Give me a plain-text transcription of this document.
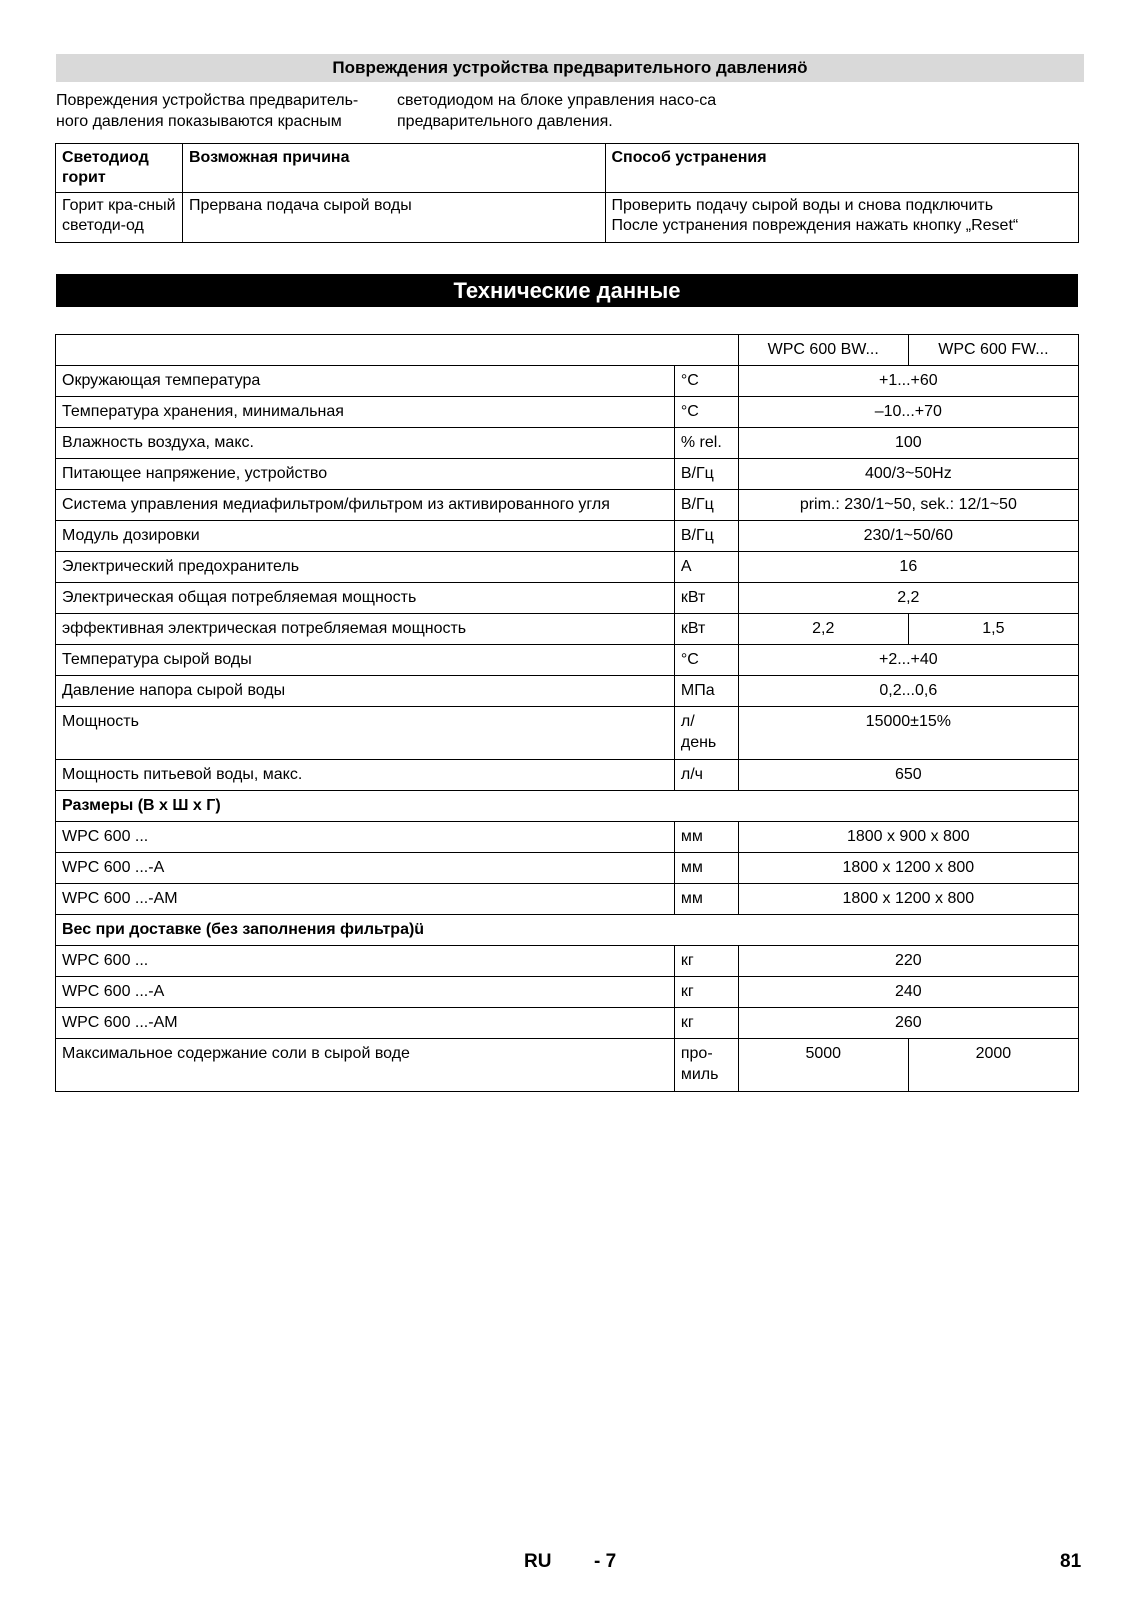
Повреждения устройства предварительного давленияö
Повреждения устройства предваритель-ного давления показываются красным
светодиодом на блоке управления насо-са предварительного давления.
Светодиод горит	Возможная причина	Способ устранения
Горит кра-сный светоди-од	Прервана подача сырой воды	Проверить подачу сырой воды и снова подключить
После устранения повреждения нажать кнопку „Reset“
Технические данные
		WPC 600 BW...	WPC 600 FW...
Окружающая температура	°C	+1...+60	
Температура хранения, минимальная	°C	–10...+70	
Влажность воздуха, макс.	% rel.	100	
Питающее напряжение, устройство	В/Гц	400/3~50Hz	
Система управления медиафильтром/фильтром из активированного угля	В/Гц	prim.: 230/1~50, sek.: 12/1~50	
Модуль дозировки	В/Гц	230/1~50/60	
Электрический предохранитель	A	16	
Электрическая общая потребляемая мощность	кВт	2,2	
эффективная электрическая потребляемая мощность	кВт	2,2	1,5
Температура сырой воды	°C	+2...+40	
Давление напора сырой воды	МПа	0,2...0,6	
Мощность	л/ день	15000±15%	
Мощность питьевой воды, макс.	л/ч	650	
Размеры (В x Ш x Г)			
WPC 600 ...	мм	1800 x 900 x 800	
WPC 600 ...-A	мм	1800 x 1200 x 800	
WPC 600 ...-AM	мм	1800 x 1200 x 800	
Вес при доставке (без заполнения фильтра)ü			
WPC 600 ...	кг	220	
WPC 600 ...-A	кг	240	
WPC 600 ...-AM	кг	260	
Максимальное содержание соли в сырой воде	про-миль	5000	2000
RU - 7	81
